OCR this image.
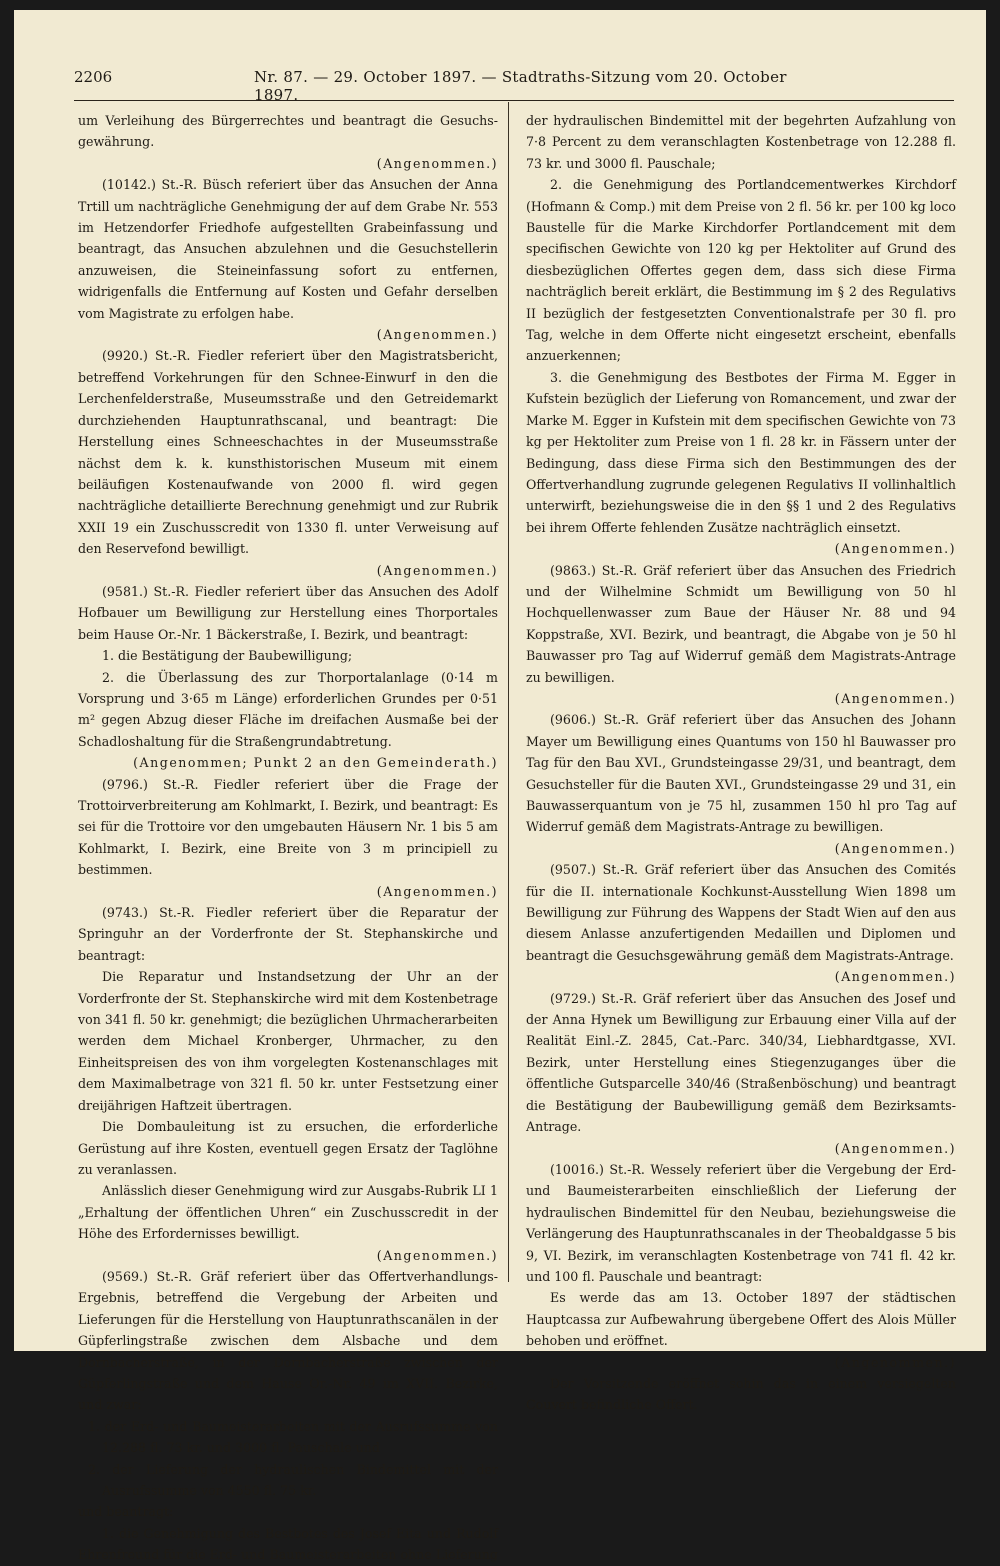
2206	Nr. 87. — 29. October 1897. — Stadtraths-Sitzung vom 20. October 1897.

um Verleihung des Bürgerrechtes und beantragt die Gesuchs-gewährung.

(Angenommen.)

(10142.) St.-R. Büsch referiert über das Ansuchen der Anna Trtill um nachträgliche Genehmigung der auf dem Grabe Nr. 553 im Hetzendorfer Friedhofe aufgestellten Grabeinfassung und beantragt, das Ansuchen abzulehnen und die Gesuchstellerin anzuweisen, die Steineinfassung sofort zu entfernen, widrigenfalls die Entfernung auf Kosten und Gefahr derselben vom Magistrate zu erfolgen habe.

(Angenommen.)

(9920.) St.-R. Fiedler referiert über den Magistratsbericht, betreffend Vorkehrungen für den Schnee-Einwurf in den die Lerchenfelderstraße, Museumsstraße und den Getreidemarkt durchziehenden Hauptunrathscanal, und beantragt: Die Herstellung eines Schneeschachtes in der Museumsstraße nächst dem k. k. kunsthistorischen Museum mit einem beiläufigen Kostenaufwande von 2000 fl. wird gegen nachträgliche detaillierte Berechnung genehmigt und zur Rubrik XXII 19 ein Zuschusscredit von 1330 fl. unter Verweisung auf den Reservefond bewilligt.

(Angenommen.)

(9581.) St.-R. Fiedler referiert über das Ansuchen des Adolf Hofbauer um Bewilligung zur Herstellung eines Thorportales beim Hause Or.-Nr. 1 Bäckerstraße, I. Bezirk, und beantragt:

1. die Bestätigung der Baubewilligung;

2. die Überlassung des zur Thorportalanlage (0·14 m Vorsprung und 3·65 m Länge) erforderlichen Grundes per 0·51 m² gegen Abzug dieser Fläche im dreifachen Ausmaße bei der Schadloshaltung für die Straßengrundabtretung.

(Angenommen; Punkt 2 an den Gemeinderath.)

(9796.) St.-R. Fiedler referiert über die Frage der Trottoirverbreiterung am Kohlmarkt, I. Bezirk, und beantragt: Es sei für die Trottoire vor den umgebauten Häusern Nr. 1 bis 5 am Kohlmarkt, I. Bezirk, eine Breite von 3 m principiell zu bestimmen.

(Angenommen.)

(9743.) St.-R. Fiedler referiert über die Reparatur der Springuhr an der Vorderfronte der St. Stephanskirche und beantragt:

Die Reparatur und Instandsetzung der Uhr an der Vorderfronte der St. Stephanskirche wird mit dem Kostenbetrage von 341 fl. 50 kr. genehmigt; die bezüglichen Uhrmacherarbeiten werden dem Michael Kronberger, Uhrmacher, zu den Einheitspreisen des von ihm vorgelegten Kostenanschlages mit dem Maximalbetrage von 321 fl. 50 kr. unter Festsetzung einer dreijährigen Haftzeit übertragen.

Die Dombauleitung ist zu ersuchen, die erforderliche Gerüstung auf ihre Kosten, eventuell gegen Ersatz der Taglöhne zu veranlassen.

Anlässlich dieser Genehmigung wird zur Ausgabs-Rubrik LI 1 „Erhaltung der öffentlichen Uhren“ ein Zuschusscredit in der Höhe des Erfordernisses bewilligt.

(Angenommen.)

(9569.) St.-R. Gräf referiert über das Offertverhandlungs-Ergebnis, betreffend die Vergebung der Arbeiten und Lieferungen für die Herstellung von Hauptunrathscanälen in der Güpferlingstraße zwischen dem Alsbache und dem Dornbacherstraße, in der Dornbacherstraße zwischen der Güpferlingstraße und dem Hause Or.-Nr. 49 im XVII. Bezirke, und zwar:

1. der Erd- und Baumeisterarbeiten mit der Ausrufssumme von 12.288 fl. 73 kr. und 3000 fl. Pauschale und

2. der Lieferung der hydraulischen Bindemittel mit der Ausrufssumme von 4550 fl. 75 kr.

und beantragt:

1. die Genehmigung des Bestbotes des Josef Eita und Rudolf Ehrenfreund für die Erd- und Baumeisterarbeiten ohne Lieferung

der hydraulischen Bindemittel mit der begehrten Aufzahlung von 7·8 Percent zu dem veranschlagten Kostenbetrage von 12.288 fl. 73 kr. und 3000 fl. Pauschale;

2. die Genehmigung des Portlandcementwerkes Kirchdorf (Hofmann & Comp.) mit dem Preise von 2 fl. 56 kr. per 100 kg loco Baustelle für die Marke Kirchdorfer Portlandcement mit dem specifischen Gewichte von 120 kg per Hektoliter auf Grund des diesbezüglichen Offertes gegen dem, dass sich diese Firma nachträglich bereit erklärt, die Bestimmung im § 2 des Regulativs II bezüglich der festgesetzten Conventionalstrafe per 30 fl. pro Tag, welche in dem Offerte nicht eingesetzt erscheint, ebenfalls anzuerkennen;

3. die Genehmigung des Bestbotes der Firma M. Egger in Kufstein bezüglich der Lieferung von Romancement, und zwar der Marke M. Egger in Kufstein mit dem specifischen Gewichte von 73 kg per Hektoliter zum Preise von 1 fl. 28 kr. in Fässern unter der Bedingung, dass diese Firma sich den Bestimmungen des der Offertverhandlung zugrunde gelegenen Regulativs II vollinhaltlich unterwirft, beziehungsweise die in den §§ 1 und 2 des Regulativs bei ihrem Offerte fehlenden Zusätze nachträglich einsetzt.

(Angenommen.)

(9863.) St.-R. Gräf referiert über das Ansuchen des Friedrich und der Wilhelmine Schmidt um Bewilligung von 50 hl Hochquellenwasser zum Baue der Häuser Nr. 88 und 94 Koppstraße, XVI. Bezirk, und beantragt, die Abgabe von je 50 hl Bauwasser pro Tag auf Widerruf gemäß dem Magistrats-Antrage zu bewilligen.

(Angenommen.)

(9606.) St.-R. Gräf referiert über das Ansuchen des Johann Mayer um Bewilligung eines Quantums von 150 hl Bauwasser pro Tag für den Bau XVI., Grundsteingasse 29/31, und beantragt, dem Gesuchsteller für die Bauten XVI., Grundsteingasse 29 und 31, ein Bauwasserquantum von je 75 hl, zusammen 150 hl pro Tag auf Widerruf gemäß dem Magistrats-Antrage zu bewilligen.

(Angenommen.)

(9507.) St.-R. Gräf referiert über das Ansuchen des Comités für die II. internationale Kochkunst-Ausstellung Wien 1898 um Bewilligung zur Führung des Wappens der Stadt Wien auf den aus diesem Anlasse anzufertigenden Medaillen und Diplomen und beantragt die Gesuchsgewährung gemäß dem Magistrats-Antrage.

(Angenommen.)

(9729.) St.-R. Gräf referiert über das Ansuchen des Josef und der Anna Hynek um Bewilligung zur Erbauung einer Villa auf der Realität Einl.-Z. 2845, Cat.-Parc. 340/34, Liebhardtgasse, XVI. Bezirk, unter Herstellung eines Stiegenzuganges über die öffentliche Gutsparcelle 340/46 (Straßenböschung) und beantragt die Bestätigung der Baubewilligung gemäß dem Bezirksamts-Antrage.

(Angenommen.)

(10016.) St.-R. Wessely referiert über die Vergebung der Erd- und Baumeisterarbeiten einschließlich der Lieferung der hydraulischen Bindemittel für den Neubau, beziehungsweise die Verlängerung des Hauptunrathscanales in der Theobaldgasse 5 bis 9, VI. Bezirk, im veranschlagten Kostenbetrage von 741 fl. 42 kr. und 100 fl. Pauschale und beantragt:

Es werde das am 13. October 1897 der städtischen Hauptcassa zur Aufbewahrung übergebene Offert des Alois Müller behoben und eröffnet.

(Angenommen.)

Der Vorsitzende eröffnet sohin das in einem versiegelten Couvert befindliche Offert.
